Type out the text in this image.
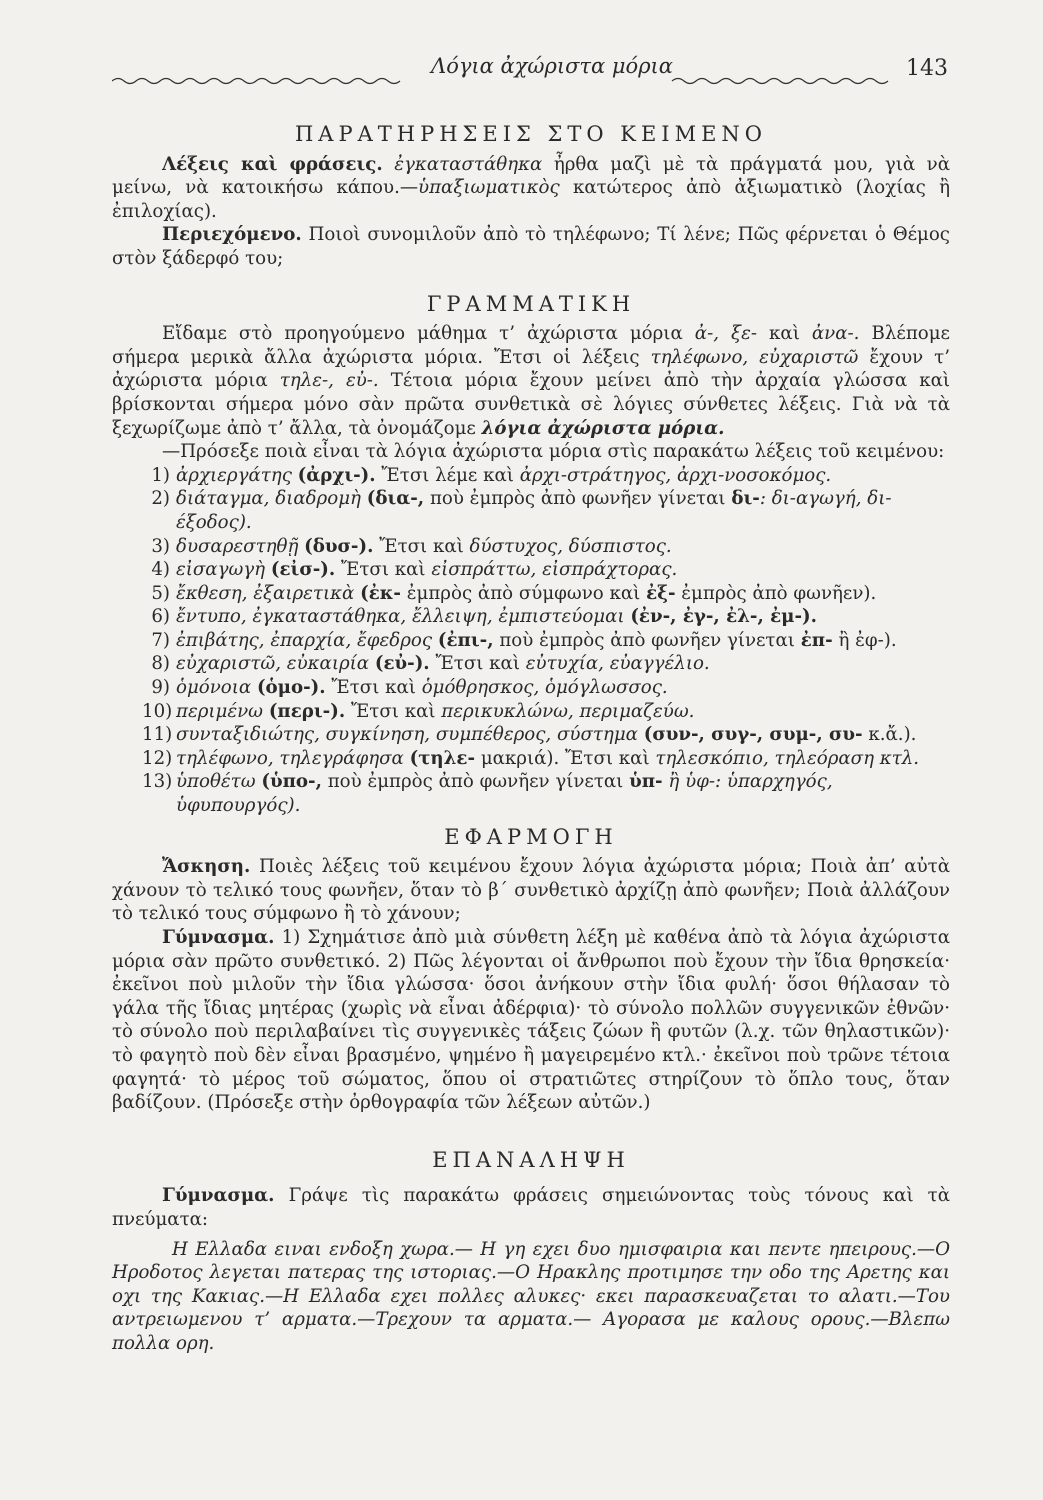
Λόγια ἀχώριστα μόρια	143
ΠΑΡΑΤΗΡΗΣΕΙΣ ΣΤΟ ΚΕΙΜΕΝΟ

Λέξεις καὶ φράσεις. ἐγκαταστάθηκα ἦρθα μαζὶ μὲ τὰ πράγματά μου, γιὰ νὰ μείνω, νὰ κατοικήσω κάπου.—ὑπαξιωματικὸς κατώτερος ἀπὸ ἀξιωματικὸ (λοχίας ἢ ἐπιλοχίας).

Περιεχόμενο. Ποιοὶ συνομιλοῦν ἀπὸ τὸ τηλέφωνο; Τί λένε; Πῶς φέρνεται ὁ Θέμος στὸν ξάδερφό του;

ΓΡΑΜΜΑΤΙΚΗ

Εἴδαμε στὸ προηγούμενο μάθημα τ’ ἀχώριστα μόρια ἀ-, ξε- καὶ ἀνα-. Βλέπομε σήμερα μερικὰ ἄλλα ἀχώριστα μόρια. Ἔτσι οἱ λέξεις τηλέφωνο, εὐχαριστῶ ἔχουν τ’ ἀχώριστα μόρια τηλε-, εὐ-. Τέτοια μόρια ἔχουν μείνει ἀπὸ τὴν ἀρχαία γλώσσα καὶ βρίσκονται σήμερα μόνο σὰν πρῶτα συνθετικὰ σὲ λόγιες σύνθετες λέξεις. Γιὰ νὰ τὰ ξεχωρίζωμε ἀπὸ τ’ ἄλλα, τὰ ὀνομάζομε λόγια ἀχώριστα μόρια.

—Πρόσεξε ποιὰ εἶναι τὰ λόγια ἀχώριστα μόρια στὶς παρακάτω λέξεις τοῦ κειμένου:

1) ἀρχιεργάτης (ἀρχι-). Ἔτσι λέμε καὶ ἀρχι-στράτηγος, ἀρχι-νοσοκόμος.
2) διάταγμα, διαδρομὴ (δια-, ποὺ ἐμπρὸς ἀπὸ φωνῆεν γίνεται δι-: δι-αγωγή, δι-έξοδος).
3) δυσαρεστηθῇ (δυσ-). Ἔτσι καὶ δύστυχος, δύσπιστος.
4) εἰσαγωγὴ (εἰσ-). Ἔτσι καὶ εἰσπράττω, εἰσπράχτορας.
5) ἔκθεση, ἐξαιρετικὰ (ἐκ- ἐμπρὸς ἀπὸ σύμφωνο καὶ ἐξ- ἐμπρὸς ἀπὸ φωνῆεν).
6) ἔντυπο, ἐγκαταστάθηκα, ἔλλειψη, ἐμπιστεύομαι (ἐν-, ἐγ-, ἐλ-, ἐμ-).
7) ἐπιβάτης, ἐπαρχία, ἔφεδρος (ἐπι-, ποὺ ἐμπρὸς ἀπὸ φωνῆεν γίνεται ἐπ- ἢ ἐφ-).
8) εὐχαριστῶ, εὐκαιρία (εὐ-). Ἔτσι καὶ εὐτυχία, εὐαγγέλιο.
9) ὁμόνοια (ὁμο-). Ἔτσι καὶ ὁμόθρησκος, ὁμόγλωσσος.
10) περιμένω (περι-). Ἔτσι καὶ περικυκλώνω, περιμαζεύω.
11) συνταξιδιώτης, συγκίνηση, συμπέθερος, σύστημα (συν-, συγ-, συμ-, συ- κ.ἄ.).
12) τηλέφωνο, τηλεγράφησα (τηλε- μακριά). Ἔτσι καὶ τηλεσκόπιο, τηλεόραση κτλ.
13) ὑποθέτω (ὑπο-, ποὺ ἐμπρὸς ἀπὸ φωνῆεν γίνεται ὑπ- ἢ ὑφ-: ὑπαρχηγός, ὑφυπουργός).
ΕΦΑΡΜΟΓΗ

Ἄσκηση. Ποιὲς λέξεις τοῦ κειμένου ἔχουν λόγια ἀχώριστα μόρια; Ποιὰ ἀπ’ αὐτὰ χάνουν τὸ τελικό τους φωνῆεν, ὅταν τὸ β΄ συνθετικὸ ἀρχίζῃ ἀπὸ φωνῆεν; Ποιὰ ἀλλάζουν τὸ τελικό τους σύμφωνο ἢ τὸ χάνουν;

Γύμνασμα. 1) Σχημάτισε ἀπὸ μιὰ σύνθετη λέξη μὲ καθένα ἀπὸ τὰ λόγια ἀχώριστα μόρια σὰν πρῶτο συνθετικό. 2) Πῶς λέγονται οἱ ἄνθρωποι ποὺ ἔχουν τὴν ἴδια θρησκεία· ἐκεῖνοι ποὺ μιλοῦν τὴν ἴδια γλώσσα· ὅσοι ἀνήκουν στὴν ἴδια φυλή· ὅσοι θήλασαν τὸ γάλα τῆς ἴδιας μητέρας (χωρὶς νὰ εἶναι ἀδέρφια)· τὸ σύνολο πολλῶν συγγενικῶν ἐθνῶν· τὸ σύνολο ποὺ περιλαβαίνει τὶς συγγενικὲς τάξεις ζώων ἢ φυτῶν (λ.χ. τῶν θηλαστικῶν)· τὸ φαγητὸ ποὺ δὲν εἶναι βρασμένο, ψημένο ἢ μαγειρεμένο κτλ.· ἐκεῖνοι ποὺ τρῶνε τέτοια φαγητά· τὸ μέρος τοῦ σώματος, ὅπου οἱ στρατιῶτες στηρίζουν τὸ ὅπλο τους, ὅταν βαδίζουν. (Πρόσεξε στὴν ὀρθογραφία τῶν λέξεων αὐτῶν.)

ΕΠΑΝΑΛΗΨΗ

Γύμνασμα. Γράψε τὶς παρακάτω φράσεις σημειώνοντας τοὺς τόνους καὶ τὰ πνεύματα:

Η Ελλαδα ειναι ενδοξη χωρα.— Η γη εχει δυο ημισφαιρια και πεντε ηπειρους.—Ο Ηροδοτος λεγεται πατερας της ιστοριας.—Ο Ηρακλης προτιμησε την οδο της Αρετης και οχι της Κακιας.—Η Ελλαδα εχει πολλες αλυκες· εκει παρασκευαζεται το αλατι.—Του αντρειωμενου τ’ αρματα.—Τρεχουν τα αρματα.— Αγορασα με καλους ορους.—Βλεπω πολλα ορη.
